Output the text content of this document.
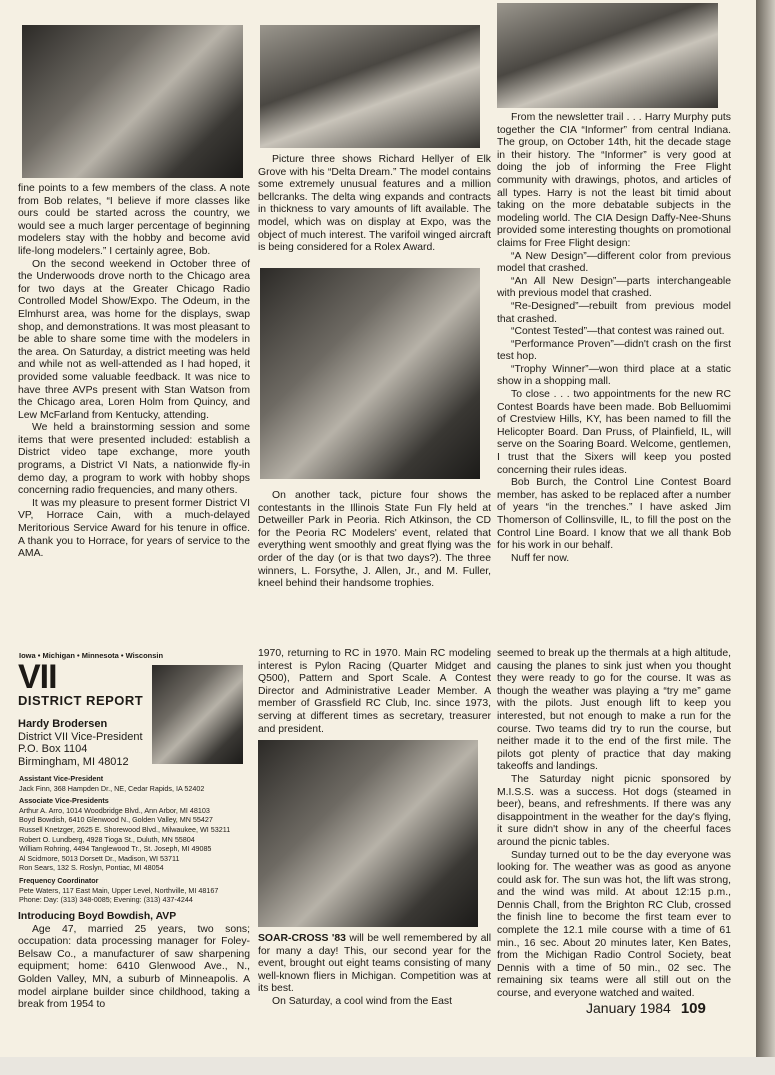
fine points to a few members of the class. A note from Bob relates, “I believe if more classes like ours could be started across the country, we would see a much larger percentage of beginning modelers stay with the hobby and become avid life-long modelers.” I certainly agree, Bob.

On the second weekend in October three of the Underwoods drove north to the Chicago area for two days at the Greater Chicago Radio Controlled Model Show/Expo. The Odeum, in the Elmhurst area, was home for the displays, swap shop, and demonstrations. It was most pleasant to be able to share some time with the modelers in the area. On Saturday, a district meeting was held and while not as well-attended as I had hoped, it provided some valuable feedback. It was nice to have three AVPs present with Stan Watson from the Chicago area, Loren Holm from Quincy, and Lew McFarland from Kentucky, attending.

We held a brainstorming session and some items that were presented included: establish a District video tape exchange, more youth programs, a District VI Nats, a nationwide fly-in demo day, a program to work with hobby shops concerning radio frequencies, and many others.

It was my pleasure to present former District VI VP, Horrace Cain, with a much-delayed Meritorious Service Award for his tenure in office. A thank you to Horrace, for years of service to the AMA.

Picture three shows Richard Hellyer of Elk Grove with his “Delta Dream.” The model contains some extremely unusual features and a million bellcranks. The delta wing expands and contracts in thickness to vary amounts of lift available. The model, which was on display at Expo, was the object of much interest. The varifoil winged aircraft is being considered for a Rolex Award.

On another tack, picture four shows the contestants in the Illinois State Fun Fly held at Detweiller Park in Peoria. Rich Atkinson, the CD for the Peoria RC Modelers' event, related that everything went smoothly and great flying was the order of the day (or is that two days?). The three winners, L. Forsythe, J. Allen, Jr., and M. Fuller, kneel behind their handsome trophies.

From the newsletter trail . . . Harry Murphy puts together the CIA “Informer” from central Indiana. The group, on October 14th, hit the decade stage in their history. The “Informer” is very good at doing the job of informing the Free Flight community with drawings, photos, and articles of all types. Harry is not the least bit timid about taking on the more debatable subjects in the modeling world. The CIA Design Daffy-Nee-Shuns provided some interesting thoughts on promotional claims for Free Flight design:

“A New Design”—different color from previous model that crashed.

“An All New Design”—parts interchangeable with previous model that crashed.

“Re-Designed”—rebuilt from previous model that crashed.

“Contest Tested”—that contest was rained out.

“Performance Proven”—didn't crash on the first test hop.

“Trophy Winner”—won third place at a static show in a shopping mall.

To close . . . two appointments for the new RC Contest Boards have been made. Bob Belluomimi of Crestview Hills, KY, has been named to fill the Helicopter Board. Dan Pruss, of Plainfield, IL, will serve on the Soaring Board. Welcome, gentlemen, I trust that the Sixers will keep you posted concerning their rules ideas.

Bob Burch, the Control Line Contest Board member, has asked to be replaced after a number of years “in the trenches.” I have asked Jim Thomerson of Collinsville, IL, to fill the post on the Control Line Board. I know that we all thank Bob for his work in our behalf.

Nuff fer now.

Iowa • Michigan • Minnesota • Wisconsin
VII
DISTRICT REPORT
Hardy Brodersen
District VII Vice-President
P.O. Box 1104
Birmingham, MI 48012
Assistant Vice-President
Jack Finn, 368 Hampden Dr., NE, Cedar Rapids, IA 52402
Associate Vice-Presidents
Arthur A. Arro, 1014 Woodbridge Blvd., Ann Arbor, MI 48103
Boyd Bowdish, 6410 Glenwood N., Golden Valley, MN 55427
Russell Knetzger, 2625 E. Shorewood Blvd., Milwaukee, WI 53211
Robert O. Lundberg, 4928 Tioga St., Duluth, MN 55804
William Rohring, 4494 Tanglewood Tr., St. Joseph, MI 49085
Al Scidmore, 5013 Dorsett Dr., Madison, WI 53711
Ron Sears, 132 S. Roslyn, Pontiac, MI 48054
Frequency Coordinator
Pete Waters, 117 East Main, Upper Level, Northville, MI 48167
Phone: Day: (313) 348-0085; Evening: (313) 437-4244

Introducing Boyd Bowdish, AVP

Age 47, married 25 years, two sons; occupation: data processing manager for Foley-Belsaw Co., a manufacturer of saw sharpening equipment; home: 6410 Glenwood Ave., N., Golden Valley, MN, a suburb of Minneapolis. A model airplane builder since childhood, taking a break from 1954 to

1970, returning to RC in 1970. Main RC modeling interest is Pylon Racing (Quarter Midget and Q500), Pattern and Sport Scale. A Contest Director and Administrative Leader Member. A member of Grassfield RC Club, Inc. since 1973, serving at different times as secretary, treasurer and president.

SOAR-CROSS '83 will be well remembered by all for many a day! This, our second year for the event, brought out eight teams consisting of many well-known fliers in Michigan. Competition was at its best.

On Saturday, a cool wind from the East

seemed to break up the thermals at a high altitude, causing the planes to sink just when you thought they were ready to go for the course. It was as though the weather was playing a “try me” game with the pilots. Just enough lift to keep you interested, but not enough to make a run for the course. Two teams did try to run the course, but neither made it to the end of the first mile. The pilots got plenty of practice that day making takeoffs and landings.

The Saturday night picnic sponsored by M.I.S.S. was a success. Hot dogs (steamed in beer), beans, and refreshments. If there was any disappointment in the weather for the day's flying, it sure didn't show in any of the cheerful faces around the picnic tables.

Sunday turned out to be the day everyone was looking for. The weather was as good as anyone could ask for. The sun was hot, the lift was strong, and the wind was mild. At about 12:15 p.m., Dennis Chall, from the Brighton RC Club, crossed the finish line to become the first team ever to complete the 12.1 mile course with a time of 61 min., 16 sec. About 20 minutes later, Ken Bates, from the Michigan Radio Control Society, beat Dennis with a time of 50 min., 02 sec. The remaining six teams were all still out on the course, and everyone watched and waited.

January 1984 109
